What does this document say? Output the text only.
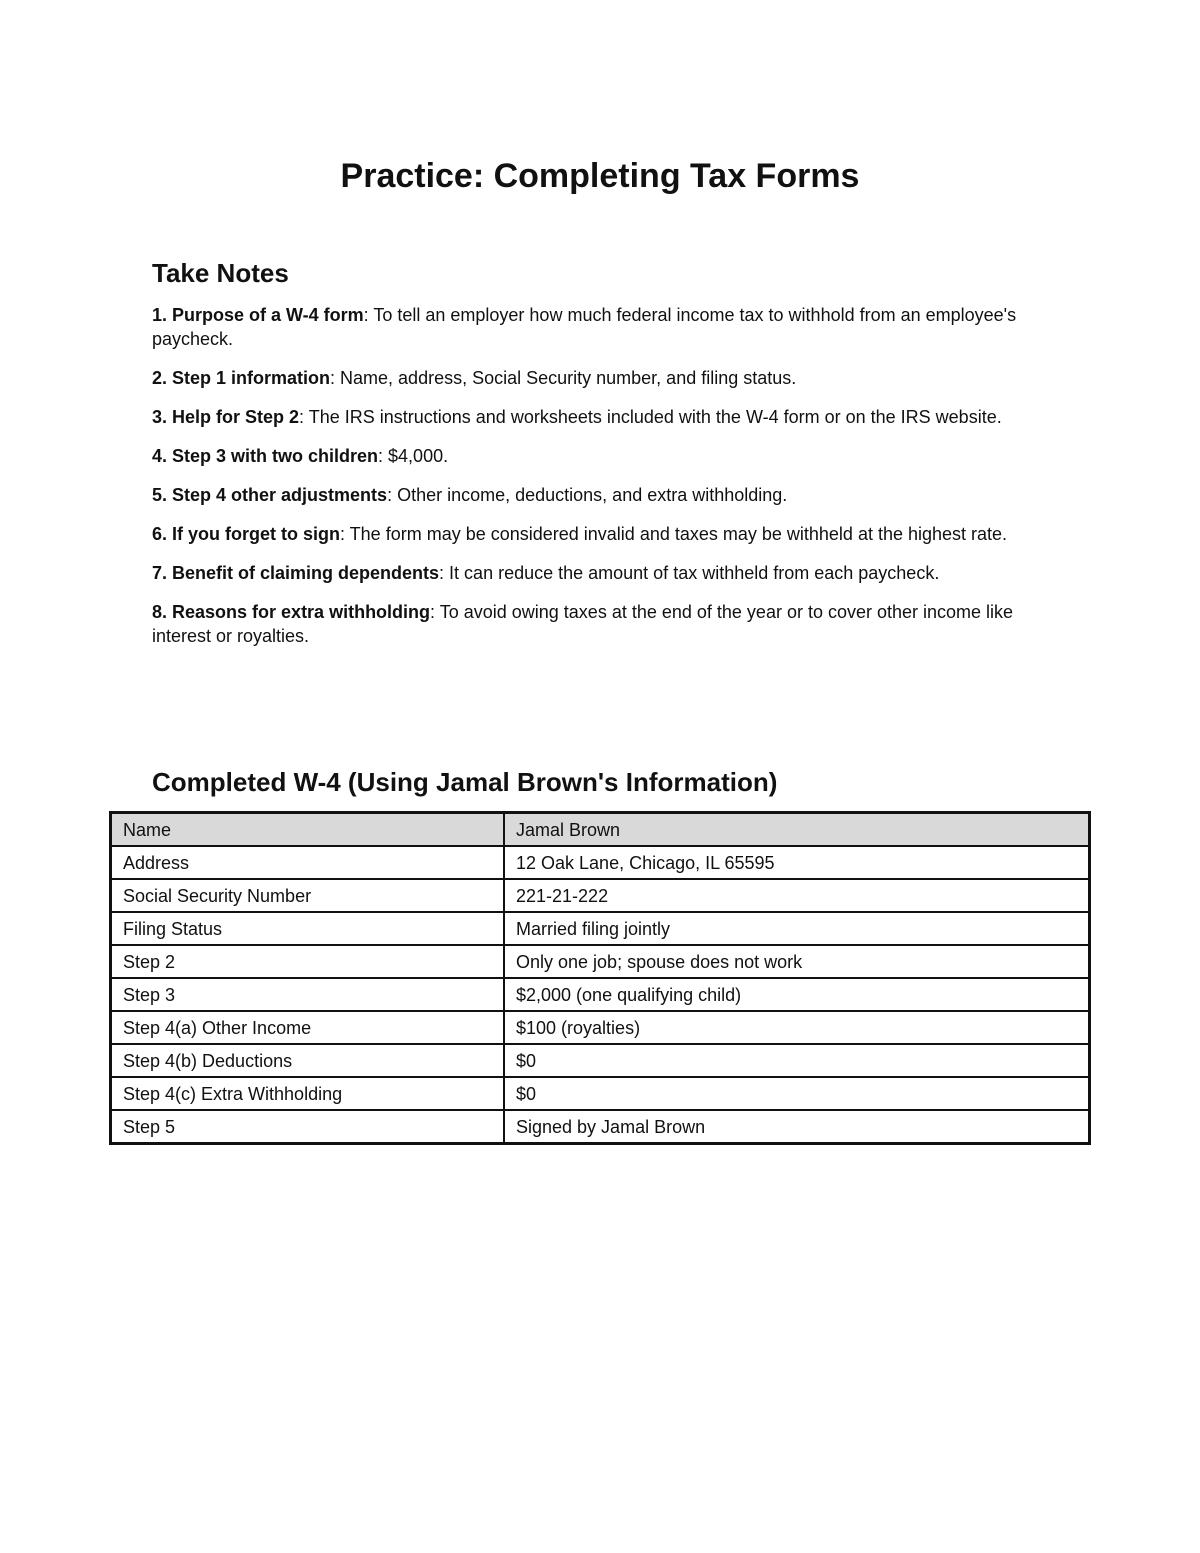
Practice: Completing Tax Forms
Take Notes
1. Purpose of a W-4 form: To tell an employer how much federal income tax to withhold from an employee's paycheck.
2. Step 1 information: Name, address, Social Security number, and filing status.
3. Help for Step 2: The IRS instructions and worksheets included with the W-4 form or on the IRS website.
4. Step 3 with two children: $4,000.
5. Step 4 other adjustments: Other income, deductions, and extra withholding.
6. If you forget to sign: The form may be considered invalid and taxes may be withheld at the highest rate.
7. Benefit of claiming dependents: It can reduce the amount of tax withheld from each paycheck.
8. Reasons for extra withholding: To avoid owing taxes at the end of the year or to cover other income like interest or royalties.
Completed W-4 (Using Jamal Brown's Information)
Name	Jamal Brown
Address	12 Oak Lane, Chicago, IL 65595
Social Security Number	221-21-222
Filing Status	Married filing jointly
Step 2	Only one job; spouse does not work
Step 3	$2,000 (one qualifying child)
Step 4(a) Other Income	$100 (royalties)
Step 4(b) Deductions	$0
Step 4(c) Extra Withholding	$0
Step 5	Signed by Jamal Brown
